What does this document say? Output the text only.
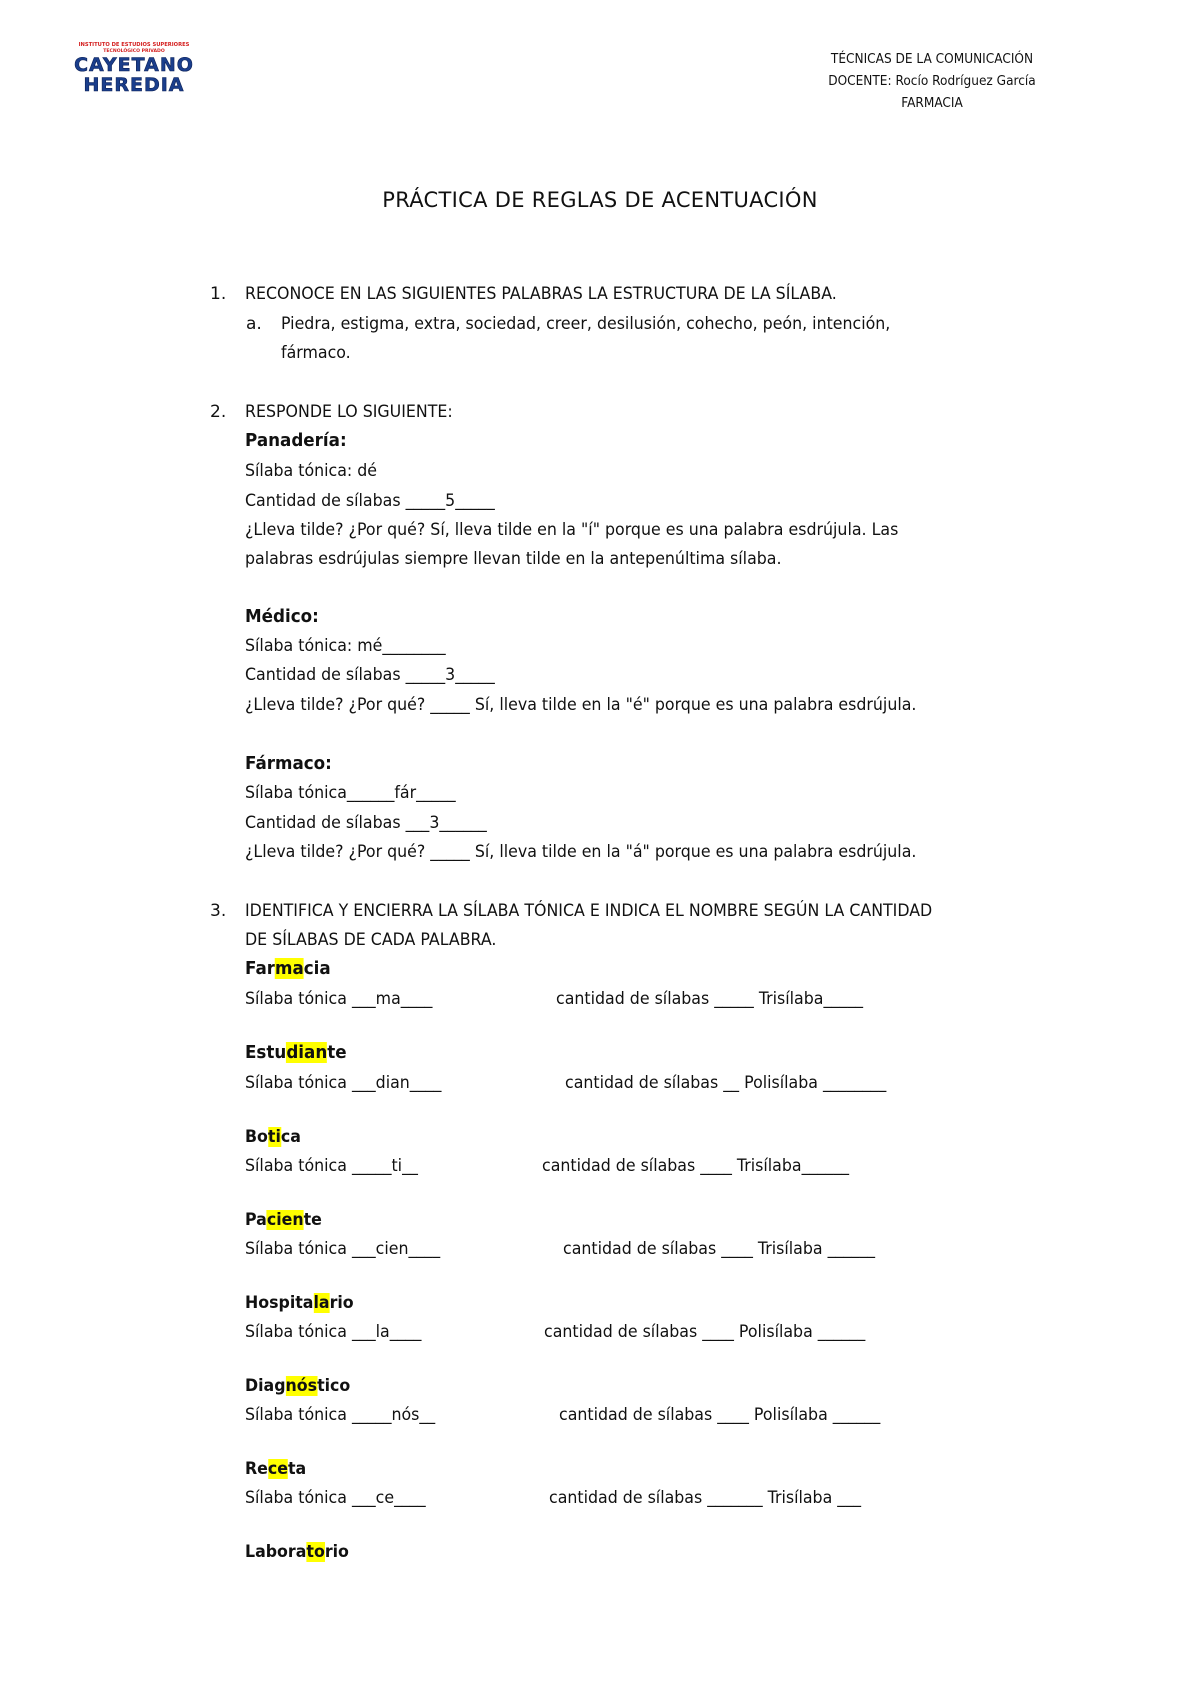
INSTITUTO DE ESTUDIOS SUPERIORES
TECNOLÓGICO PRIVADO
CAYETANO
HEREDIA
TÉCNICAS DE LA COMUNICACIÓN
DOCENTE: Rocío Rodríguez García
FARMACIA
PRÁCTICA DE REGLAS DE ACENTUACIÓN
1. RECONOCE EN LAS SIGUIENTES PALABRAS LA ESTRUCTURA DE LA SÍLABA.
a. Piedra, estigma, extra, sociedad, creer, desilusión, cohecho, peón, intención,
fármaco.
2. RESPONDE LO SIGUIENTE:
Panadería:
Sílaba tónica: dé
Cantidad de sílabas _____5_____
¿Lleva tilde? ¿Por qué? Sí, lleva tilde en la "í" porque es una palabra esdrújula. Las
palabras esdrújulas siempre llevan tilde en la antepenúltima sílaba.
Médico:
Sílaba tónica: mé________
Cantidad de sílabas _____3_____
¿Lleva tilde? ¿Por qué? _____ Sí, lleva tilde en la "é" porque es una palabra esdrújula.
Fármaco:
Sílaba tónica______fár_____
Cantidad de sílabas ___3______
¿Lleva tilde? ¿Por qué? _____ Sí, lleva tilde en la "á" porque es una palabra esdrújula.
3. IDENTIFICA Y ENCIERRA LA SÍLABA TÓNICA E INDICA EL NOMBRE SEGÚN LA CANTIDAD
DE SÍLABAS DE CADA PALABRA.
Farmacia
Sílaba tónica ___ma____	cantidad de sílabas _____ Trisílaba_____
Estudiante
Sílaba tónica ___dian____	cantidad de sílabas __ Polisílaba ________
Botica
Sílaba tónica _____ti__	cantidad de sílabas ____ Trisílaba______
Paciente
Sílaba tónica ___cien____	cantidad de sílabas ____ Trisílaba ______
Hospitalario
Sílaba tónica ___la____	cantidad de sílabas ____ Polisílaba ______
Diagnóstico
Sílaba tónica _____nós__	cantidad de sílabas ____ Polisílaba ______
Receta
Sílaba tónica ___ce____	cantidad de sílabas _______ Trisílaba ___
Laboratorio
